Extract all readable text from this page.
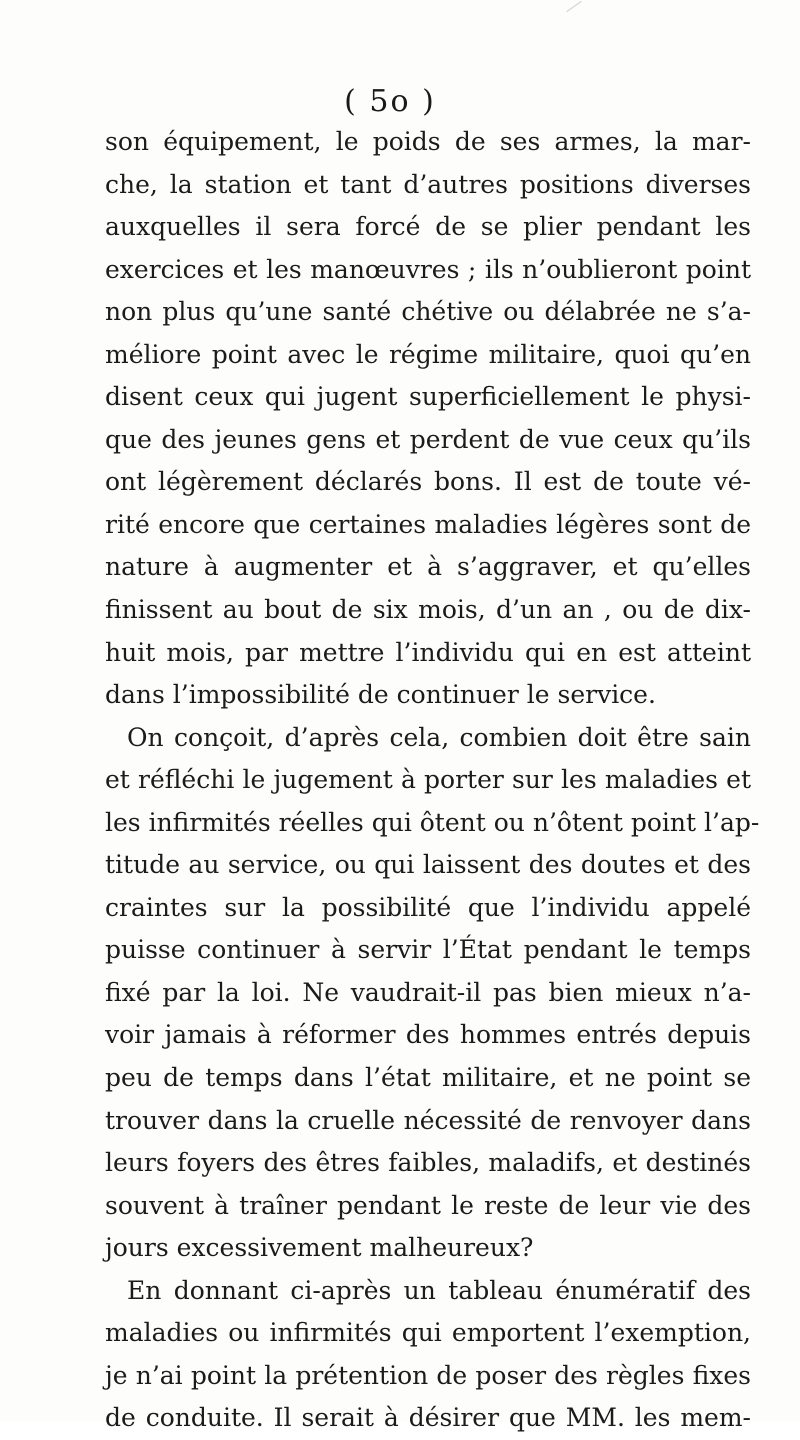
( 5o )
son équipement, le poids de ses armes, la mar-
che, la station et tant d’autres positions diverses
auxquelles il sera forcé de se plier pendant les
exercices et les manœuvres ; ils n’oublieront point
non plus qu’une santé chétive ou délabrée ne s’a-
méliore point avec le régime militaire, quoi qu’en
disent ceux qui jugent superficiellement le physi-
que des jeunes gens et perdent de vue ceux qu’ils
ont légèrement déclarés bons. Il est de toute vé-
rité encore que certaines maladies légères sont de
nature à augmenter et à s’aggraver, et qu’elles
finissent au bout de six mois, d’un an , ou de dix-
huit mois, par mettre l’individu qui en est atteint
dans l’impossibilité de continuer le service.
On conçoit, d’après cela, combien doit être sain
et réfléchi le jugement à porter sur les maladies et
les infirmités réelles qui ôtent ou n’ôtent point l’ap-
titude au service, ou qui laissent des doutes et des
craintes sur la possibilité que l’individu appelé
puisse continuer à servir l’État pendant le temps
fixé par la loi. Ne vaudrait-il pas bien mieux n’a-
voir jamais à réformer des hommes entrés depuis
peu de temps dans l’état militaire, et ne point se
trouver dans la cruelle nécessité de renvoyer dans
leurs foyers des êtres faibles, maladifs, et destinés
souvent à traîner pendant le reste de leur vie des
jours excessivement malheureux?
En donnant ci-après un tableau énumératif des
maladies ou infirmités qui emportent l’exemption,
je n’ai point la prétention de poser des règles fixes
de conduite. Il serait à désirer que MM. les mem-
